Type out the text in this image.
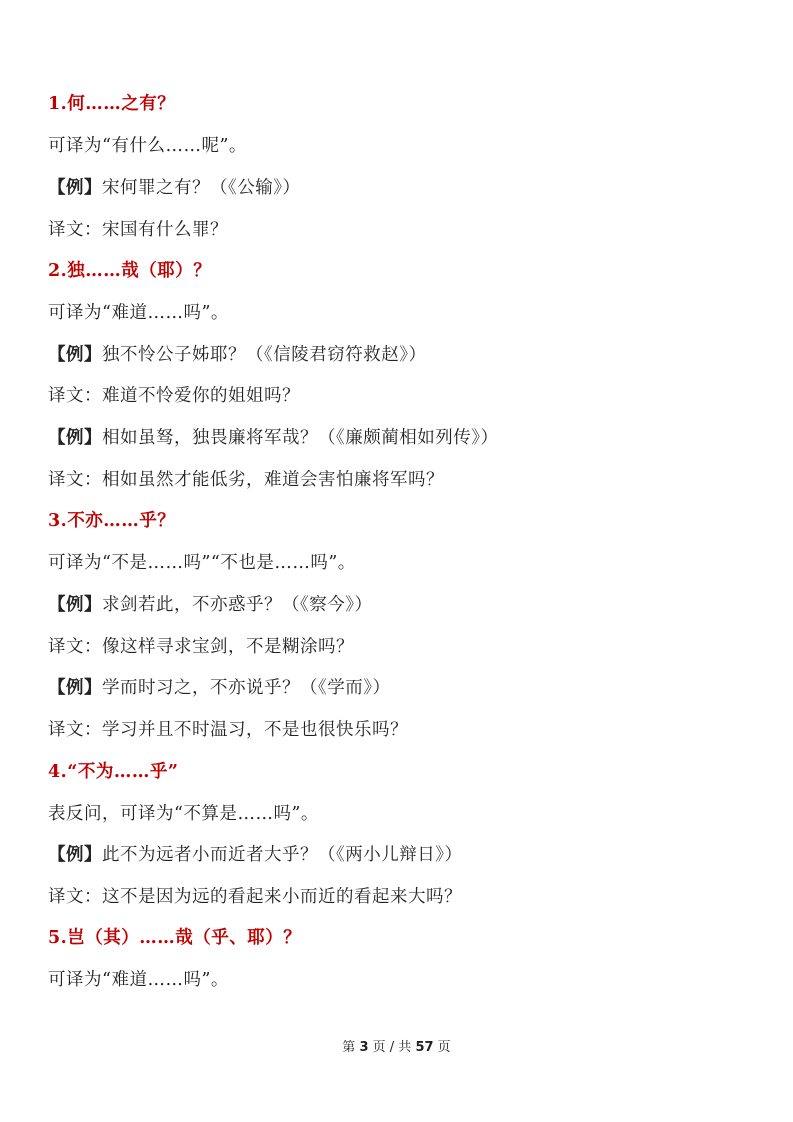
1.何……之有？
可译为“有什么……呢”。
【例】宋何罪之有？（《公输》）
译文：宋国有什么罪？
2.独……哉（耶）？
可译为“难道……吗”。
【例】独不怜公子姊耶？（《信陵君窃符救赵》）
译文：难道不怜爱你的姐姐吗？
【例】相如虽驽，独畏廉将军哉？（《廉颇蔺相如列传》）
译文：相如虽然才能低劣，难道会害怕廉将军吗？
3.不亦……乎？
可译为“不是……吗”“不也是……吗”。
【例】求剑若此，不亦惑乎？（《察今》）
译文：像这样寻求宝剑，不是糊涂吗？
【例】学而时习之，不亦说乎？（《学而》）
译文：学习并且不时温习，不是也很快乐吗？
4.“不为……乎”
表反问，可译为“不算是……吗”。
【例】此不为远者小而近者大乎？（《两小儿辩日》）
译文：这不是因为远的看起来小而近的看起来大吗？
5.岂（其）……哉（乎、耶）？
可译为“难道……吗”。
第 3 页 / 共 57 页
